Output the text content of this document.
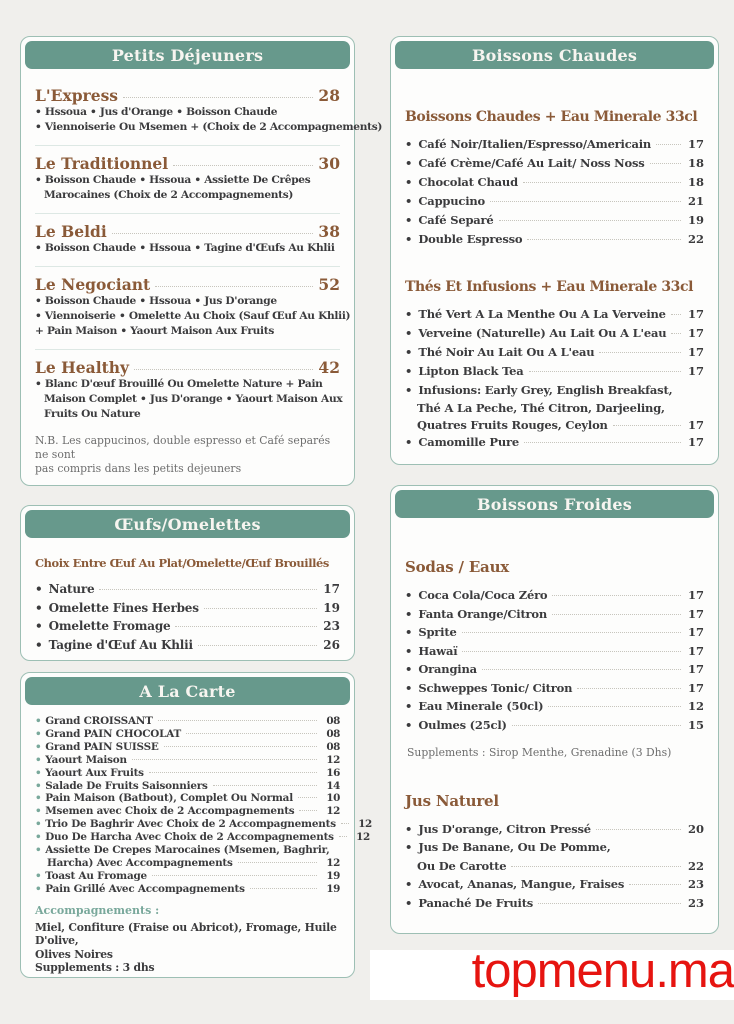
Petits Déjeuners
L'Express	28
• Hssoua • Jus d'Orange • Boisson Chaude
• Viennoiserie Ou Msemen + (Choix de 2 Accompagnements)
Le Traditionnel	30
• Boisson Chaude • Hssoua • Assiette De Crêpes
Marocaines (Choix de 2 Accompagnements)
Le Beldi	38
• Boisson Chaude • Hssoua • Tagine d'Œufs Au Khlii
Le Negociant	52
• Boisson Chaude • Hssoua • Jus D'orange
• Viennoiserie • Omelette Au Choix (Sauf Œuf Au Khlii)
+ Pain Maison • Yaourt Maison Aux Fruits
Le Healthy	42
• Blanc D'œuf Brouillé Ou Omelette Nature + Pain
Maison Complet • Jus D'orange • Yaourt Maison Aux
Fruits Ou Nature
N.B. Les cappucinos, double espresso et Café separés ne sont
pas compris dans les petits dejeuners
Œufs/Omelettes
Choix Entre Œuf Au Plat/Omelette/Œuf Brouillés
• Nature	17
• Omelette Fines Herbes	19
• Omelette Fromage	23
• Tagine d'Œuf Au Khlii	26
A La Carte
• Grand CROISSANT	08
• Grand PAIN CHOCOLAT	08
• Grand PAIN SUISSE	08
• Yaourt Maison	12
• Yaourt Aux Fruits	16
• Salade De Fruits Saisonniers	14
• Pain Maison (Batbout), Complet Ou Normal	10
• Msemen avec Choix de 2 Accompagnements	12
• Trio De Baghrir Avec Choix de 2 Accompagnements	12
• Duo De Harcha Avec Choix de 2 Accompagnements	12
• Assiette De Crepes Marocaines (Msemen, Baghrir,
Harcha) Avec Accompagnements	12
• Toast Au Fromage	19
• Pain Grillé Avec Accompagnements	19
Accompagnements :
Miel, Confiture (Fraise ou Abricot), Fromage, Huile D'olive,
Olives Noires
Supplements : 3 dhs
Boissons Chaudes
Boissons Chaudes + Eau Minerale 33cl
• Café Noir/Italien/Espresso/Americain	17
• Café Crème/Café Au Lait/ Noss Noss	18
• Chocolat Chaud	18
• Cappucino	21
• Café Separé	19
• Double Espresso	22
Thés Et Infusions + Eau Minerale 33cl
• Thé Vert A La Menthe Ou A La Verveine 17
• Verveine (Naturelle) Au Lait Ou A L'eau 17
• Thé Noir Au Lait Ou A L'eau	17
• Lipton Black Tea	17
• Infusions: Early Grey, English Breakfast,
Thé A La Peche, Thé Citron, Darjeeling,
Quatres Fruits Rouges, Ceylon	17
• Camomille Pure	17
Boissons Froides
Sodas / Eaux
• Coca Cola/Coca Zéro	17
• Fanta Orange/Citron	17
• Sprite	17
• Hawaï	17
• Orangina	17
• Schweppes Tonic/ Citron	17
• Eau Minerale (50cl)	12
• Oulmes (25cl)	15
Supplements : Sirop Menthe, Grenadine (3 Dhs)
Jus Naturel
• Jus D'orange, Citron Pressé	20
• Jus De Banane, Ou De Pomme,
Ou De Carotte	22
• Avocat, Ananas, Mangue, Fraises	23
• Panaché De Fruits	23
topmenu.ma
